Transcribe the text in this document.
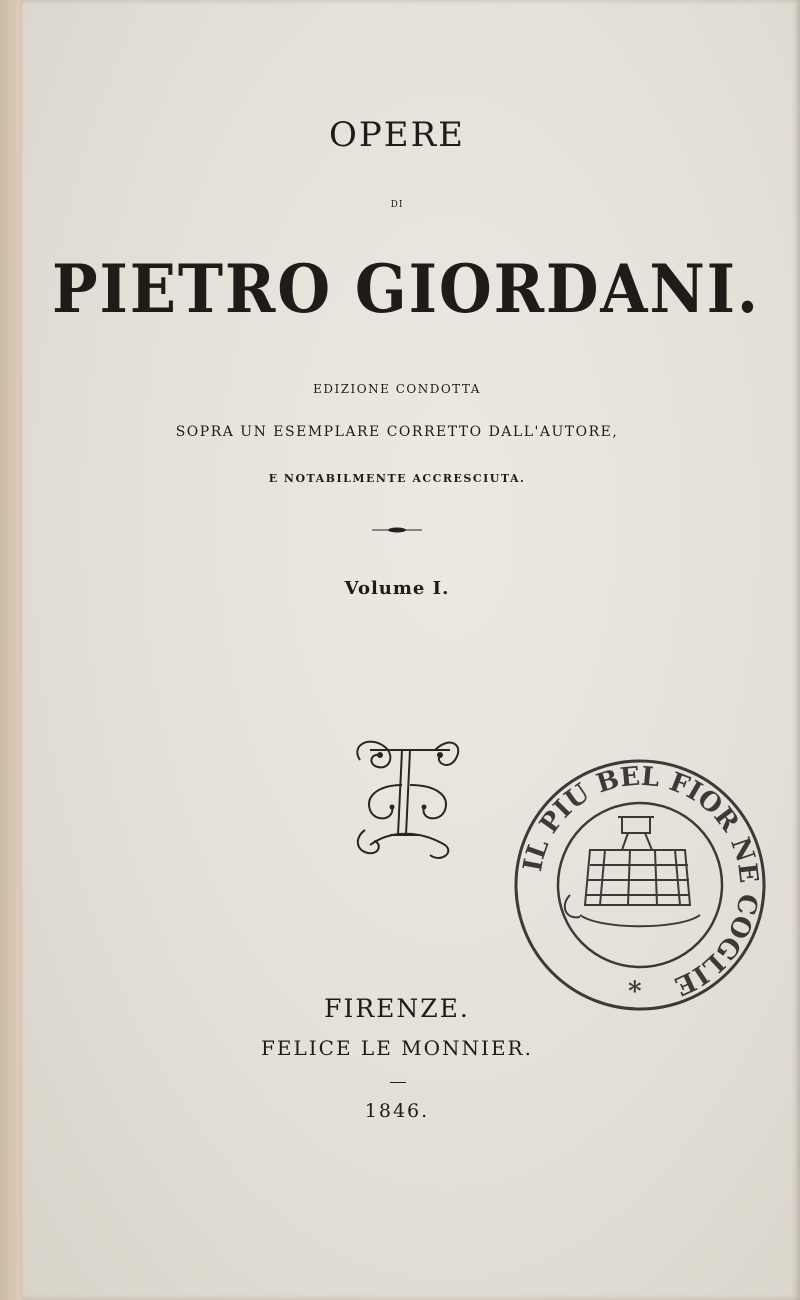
OPERE
DI
PIETRO GIORDANI.
EDIZIONE CONDOTTA
SOPRA UN ESEMPLARE CORRETTO DALL'AUTORE,
E NOTABILMENTE ACCRESCIUTA.
Volume I.
FIRENZE.
FELICE LE MONNIER.
1846.
IL PIU BEL FIOR NE COGLIE
*
